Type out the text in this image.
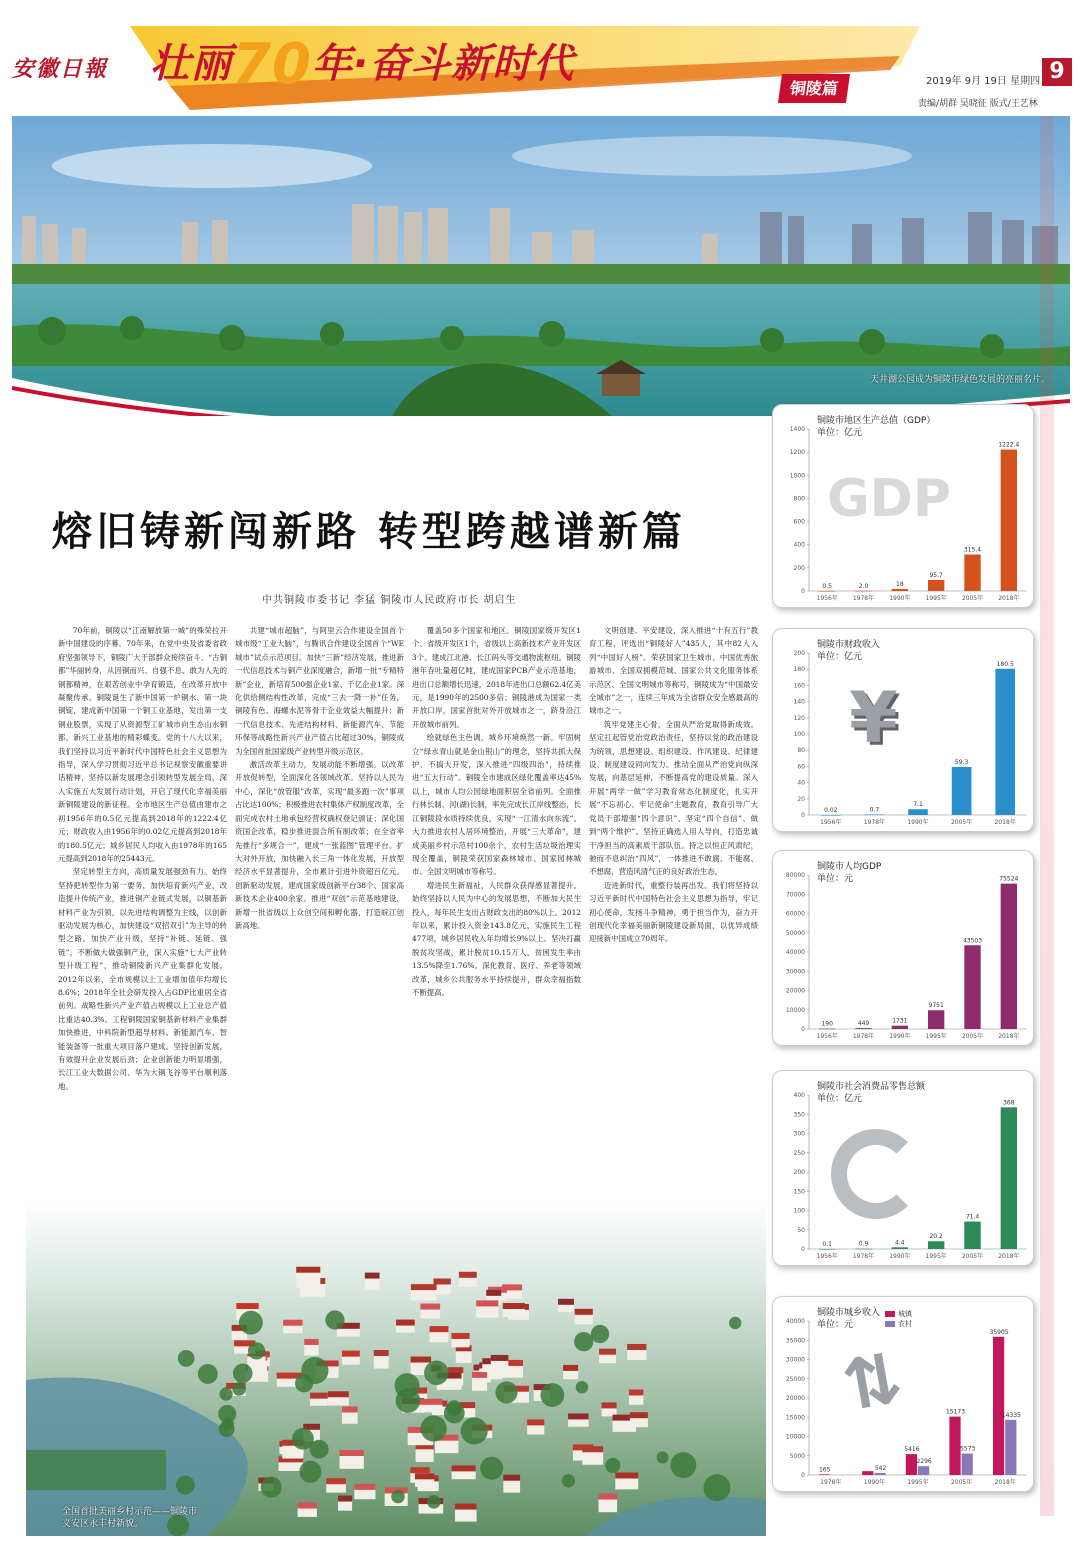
安徽日報 壮丽70年·奋斗新时代
铜陵篇	2019年 9月 19日 星期四 9
责编/胡群 吴晓征 版式/王艺林
天井湖公园成为铜陵市绿色发展的亮丽名片。
熔旧铸新闯新路 转型跨越谱新篇
中共铜陵市委书记 李猛 铜陵市人民政府市长 胡启生

70年前，铜陵以“江南解放第一城”的殊荣拉开新中国建设的序幕。70年来，在党中央及省委省政府坚强领导下，铜陵广大干部群众接续奋斗、“古铜都”华丽转身，从因铜而兴、自强不息、敢为人先的铜都精神，在艰苦创业中孕育锻造，在改革开放中凝聚传承。铜陵诞生了新中国第一炉铜水、第一块铜锭，建成新中国第一个铜工业基地，发出第一支铜业股票，实现了从资源型工矿城市向生态山水铜都、新兴工业基地的精彩蝶变。党的十八大以来，我们坚持以习近平新时代中国特色社会主义思想为指导，深入学习贯彻习近平总书记视察安徽重要讲话精神，坚持以新发展理念引领转型发展全局，深入实施五大发展行动计划，开启了现代化幸福美丽新铜陵建设的新征程。全市地区生产总值由建市之初1956年的0.5亿元提高到2018年的1222.4亿元；财政收入由1956年的0.02亿元提高到2018年的180.5亿元；城乡居民人均收入由1978年的165元提高到2018年的25443元。

坚定转型主方向，高质量发展强劲有力。始终坚持把转型作为第一要务，加快培育新兴产业，改造提升传统产业，推进铜产业链式发展，以铜基新材料产业为引领，以先进结构调整为主线，以创新驱动发展为核心，加快建设“双招双引”为主导的转型之路。加快产业升级，坚持“补链、延链、强链”，不断做大做强铜产业，深入实施“七大产业转型升级工程”，推动铜陵新兴产业集群化发展。2012年以来，全市规模以上工业增加值年均增长8.6%；2018年全社会研发投入占GDP比重居全省前列。战略性新兴产业产值占规模以上工业总产值比重达40.3%。工程铜陵国家铜基新材料产业集群加快推进，中科院新型超导材料、新能源汽车、智能装备等一批重大项目落户建成。坚持创新发展，有效提升企业发展后劲；企业创新能力明显增强，长江工业大数据公司、华为大铜飞谷等平台顺利落地。

共建“城市超脑”，与阿里云合作建设全国首个城市级“工业大脑”，与腾讯合作建设全国首个“WE城市”试点示范项目。加快“三新”经济发展，推进新一代信息技术与铜产业深度融合，新增一批“专精特新”企业，新培育500强企业1家、千亿企业1家。深化供给侧结构性改革，完成“三去一降一补”任务，铜陵有色、海螺水泥等骨干企业效益大幅提升；新一代信息技术、先进结构材料、新能源汽车、节能环保等战略性新兴产业产值占比超过30%，铜陵成为全国首批国家级产业转型升级示范区。

激活改革主动力，发展动能不断增强。以改革开放促转型，全面深化各领域改革。坚持以人民为中心，深化“放管服”改革，实现“最多跑一次”事项占比达100%；积极推进农村集体产权制度改革，全面完成农村土地承包经营权确权登记颁证；深化国资国企改革，稳步推进混合所有制改革；在全省率先推行“多规合一”，建成“一张蓝图”管理平台。扩大对外开放，加快融入长三角一体化发展，开放型经济水平显著提升，全市累计引进外资超百亿元。创新驱动发展，建成国家级创新平台38个、国家高新技术企业400余家。推进“双创”示范基地建设，新增一批省级以上众创空间和孵化器，打造皖江创新高地。

覆盖50多个国家和地区。铜陵国家级开发区1个、省级开发区1个，省级以上高新技术产业开发区3个。建成江北港、长江码头等交通物流枢纽。铜陵港年吞吐量超亿吨，建成国家PCB产业示范基地，进出口总额增长迅速，2018年进出口总额62.4亿美元，是1990年的2500多倍；铜陵港成为国家一类开放口岸，国家首批对外开放城市之一，跻身沿江开放城市前列。

绘就绿色主色调，城乡环境焕然一新。牢固树立“绿水青山就是金山银山”的理念，坚持共抓大保护、不搞大开发，深入推进“四级四治”，持续推进“五大行动”。铜陵全市建成区绿化覆盖率达45%以上，城市人均公园绿地面积居全省前列。全面推行林长制、河(湖)长制，率先完成长江岸线整治，长江铜陵段水质持续优良，实现“一江清水向东流”。大力推进农村人居环境整治，开展“三大革命”，建成美丽乡村示范村100余个，农村生活垃圾治理实现全覆盖，铜陵荣获国家森林城市、国家园林城市、全国文明城市等称号。

增进民生新福祉，人民群众获得感显著提升。始终坚持以人民为中心的发展思想，不断加大民生投入，每年民生支出占财政支出的80%以上。2012年以来，累计投入资金143.8亿元，实施民生工程477项，城乡居民收入年均增长9%以上。坚决打赢脱贫攻坚战，累计脱贫10.15万人，贫困发生率由13.5%降至1.76%。深化教育、医疗、养老等领域改革，城乡公共服务水平持续提升，群众幸福指数不断提高。

文明创建、平安建设，深入推进“十有五行”教育工程，评选出“铜陵好人”435人，其中82人入列“中国好人榜”。荣获国家卫生城市、中国优秀旅游城市、全国双拥模范城、国家公共文化服务体系示范区、全国文明城市等称号，铜陵成为“中国最安全城市”之一，连续三年成为全省群众安全感最高的城市之一。

筑牢党建主心骨，全面从严治党取得新成效。坚定扛起管党治党政治责任，坚持以党的政治建设为统领，思想建设、组织建设、作风建设、纪律建设、制度建设同向发力。推动全面从严治党向纵深发展，向基层延伸，不断提高党的建设质量。深入开展“两学一做”学习教育常态化制度化，扎实开展“不忘初心、牢记使命”主题教育，教育引导广大党员干部增强“四个意识”、坚定“四个自信”、做到“两个维护”。坚持正确选人用人导向，打造忠诚干净担当的高素质干部队伍。持之以恒正风肃纪，驰而不息纠治“四风”，一体推进不敢腐、不能腐、不想腐，营造风清气正的良好政治生态。

迈进新时代，重整行装再出发。我们将坚持以习近平新时代中国特色社会主义思想为指导，牢记初心使命，发扬斗争精神，勇于担当作为，奋力开创现代化幸福美丽新铜陵建设新局面，以优异成绩迎接新中国成立70周年。

全国首批美丽乡村示范——铜陵市义安区永丰村新貌。
0
200
400
600
800
1000
1200
1400
1956年
0.5
1978年
2.0
1990年
18
1995年
95.7
2005年
315.4
2018年
1222.4
铜陵市地区生产总值（GDP）
单位：亿元
GDP
0
20
40
60
80
100
120
140
160
180
200
1956年
0.02
1978年
0.7
1990年
7.1
2005年
59.3
2018年
180.5
铜陵市财政收入
单位：亿元
¥
0
10000
20000
30000
40000
50000
60000
70000
80000
1956年
190
1978年
449
1990年
1731
1995年
9751
2005年
43503
2018年
75524
铜陵市人均GDP
单位：元
0
50
100
150
200
250
300
350
400
1956年
0.1
1978年
0.9
1990年
4.4
1995年
20.2
2005年
71.4
2018年
368
铜陵市社会消费品零售总额
单位：亿元
0
5000
10000
15000
20000
25000
30000
35000
40000
1978年
165
1990年
542
1995年
5416
2296
2005年
15173
5573
2018年
35905
14335
铜陵市城乡收入
单位：元
城镇
农村
⇅
